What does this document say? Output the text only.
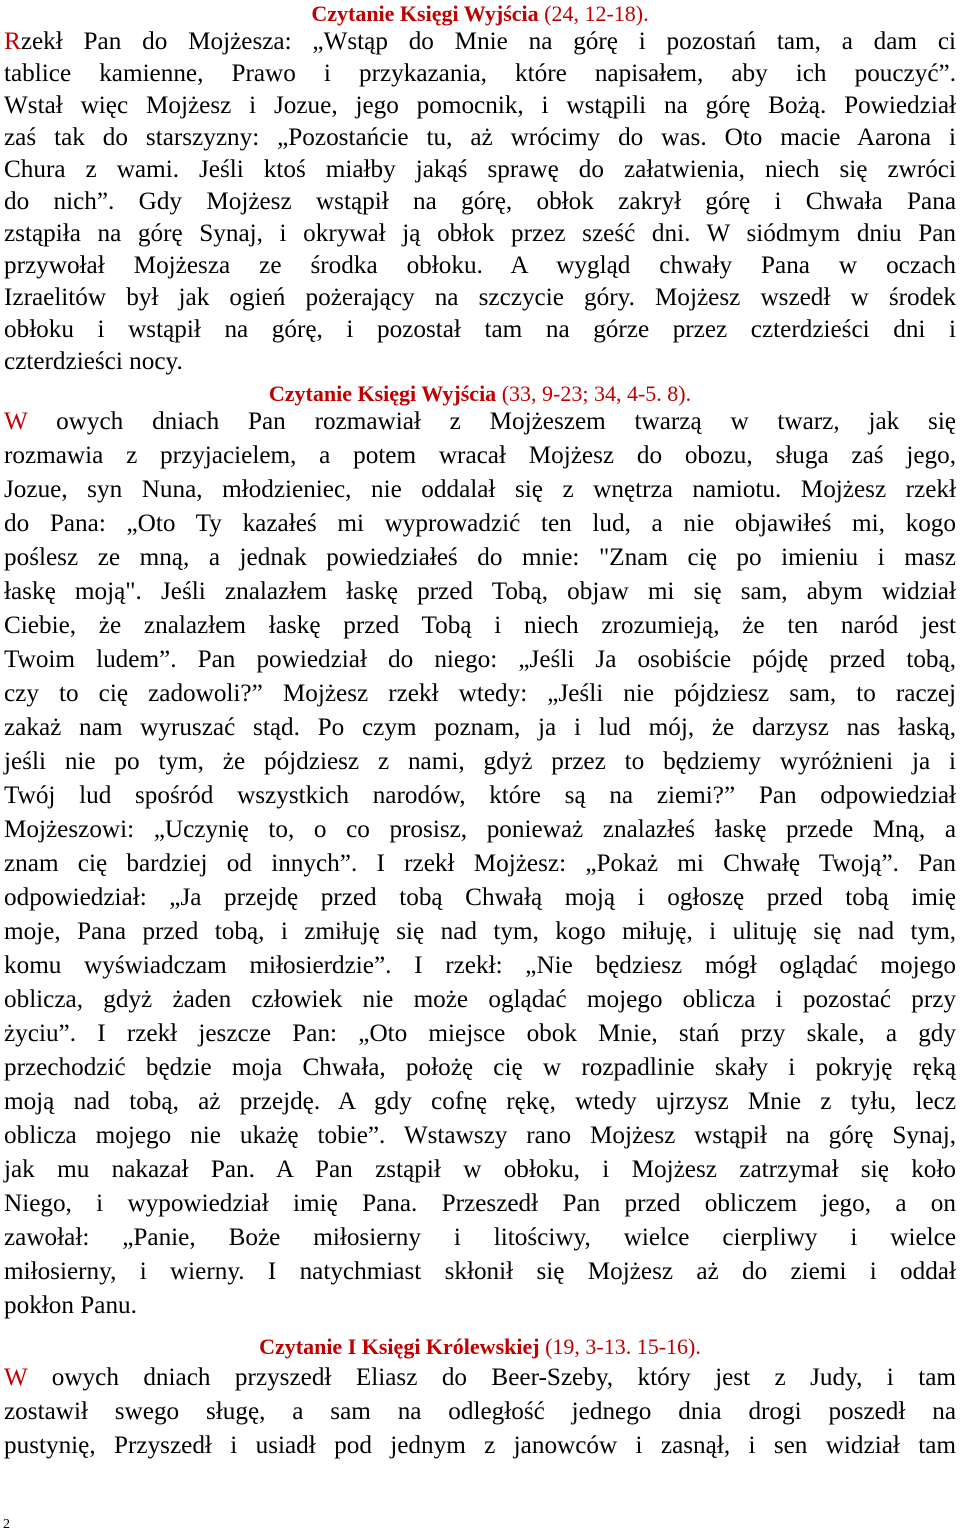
Czytanie Księgi Wyjścia (24, 12-18).
Rzekł Pan do Mojżesza: „Wstąp do Mnie na górę i pozostań tam, a dam ci
tablice kamienne, Prawo i przykazania, które napisałem, aby ich pouczyć”.
Wstał więc Mojżesz i Jozue, jego pomocnik, i wstąpili na górę Bożą. Powiedział
zaś tak do starszyzny: „Pozostańcie tu, aż wrócimy do was. Oto macie Aarona i
Chura z wami. Jeśli ktoś miałby jakąś sprawę do załatwienia, niech się zwróci
do nich”. Gdy Mojżesz wstąpił na górę, obłok zakrył górę i Chwała Pana
zstąpiła na górę Synaj, i okrywał ją obłok przez sześć dni. W siódmym dniu Pan
przywołał Mojżesza ze środka obłoku. A wygląd chwały Pana w oczach
Izraelitów był jak ogień pożerający na szczycie góry. Mojżesz wszedł w środek
obłoku i wstąpił na górę, i pozostał tam na górze przez czterdzieści dni i
czterdzieści nocy.
Czytanie Księgi Wyjścia (33, 9-23; 34, 4-5. 8).
W owych dniach Pan rozmawiał z Mojżeszem twarzą w twarz, jak się
rozmawia z przyjacielem, a potem wracał Mojżesz do obozu, sługa zaś jego,
Jozue, syn Nuna, młodzieniec, nie oddalał się z wnętrza namiotu. Mojżesz rzekł
do Pana: „Oto Ty kazałeś mi wyprowadzić ten lud, a nie objawiłeś mi, kogo
poślesz ze mną, a jednak powiedziałeś do mnie: "Znam cię po imieniu i masz
łaskę moją". Jeśli znalazłem łaskę przed Tobą, objaw mi się sam, abym widział
Ciebie, że znalazłem łaskę przed Tobą i niech zrozumieją, że ten naród jest
Twoim ludem”. Pan powiedział do niego: „Jeśli Ja osobiście pójdę przed tobą,
czy to cię zadowoli?” Mojżesz rzekł wtedy: „Jeśli nie pójdziesz sam, to raczej
zakaż nam wyruszać stąd. Po czym poznam, ja i lud mój, że darzysz nas łaską,
jeśli nie po tym, że pójdziesz z nami, gdyż przez to będziemy wyróżnieni ja i
Twój lud spośród wszystkich narodów, które są na ziemi?” Pan odpowiedział
Mojżeszowi: „Uczynię to, o co prosisz, ponieważ znalazłeś łaskę przede Mną, a
znam cię bardziej od innych”. I rzekł Mojżesz: „Pokaż mi Chwałę Twoją”. Pan
odpowiedział: „Ja przejdę przed tobą Chwałą moją i ogłoszę przed tobą imię
moje, Pana przed tobą, i zmiłuję się nad tym, kogo miłuję, i ulituję się nad tym,
komu wyświadczam miłosierdzie”. I rzekł: „Nie będziesz mógł oglądać mojego
oblicza, gdyż żaden człowiek nie może oglądać mojego oblicza i pozostać przy
życiu”. I rzekł jeszcze Pan: „Oto miejsce obok Mnie, stań przy skale, a gdy
przechodzić będzie moja Chwała, położę cię w rozpadlinie skały i pokryję ręką
moją nad tobą, aż przejdę. A gdy cofnę rękę, wtedy ujrzysz Mnie z tyłu, lecz
oblicza mojego nie ukażę tobie”. Wstawszy rano Mojżesz wstąpił na górę Synaj,
jak mu nakazał Pan. A Pan zstąpił w obłoku, i Mojżesz zatrzymał się koło
Niego, i wypowiedział imię Pana. Przeszedł Pan przed obliczem jego, a on
zawołał: „Panie, Boże miłosierny i litościwy, wielce cierpliwy i wielce
miłosierny, i wierny. I natychmiast skłonił się Mojżesz aż do ziemi i oddał
pokłon Panu.
Czytanie I Księgi Królewskiej (19, 3-13. 15-16).
W owych dniach przyszedł Eliasz do Beer-Szeby, który jest z Judy, i tam
zostawił swego sługę, a sam na odległość jednego dnia drogi poszedł na
pustynię, Przyszedł i usiadł pod jednym z janowców i zasnął, i sen widział tam
2
